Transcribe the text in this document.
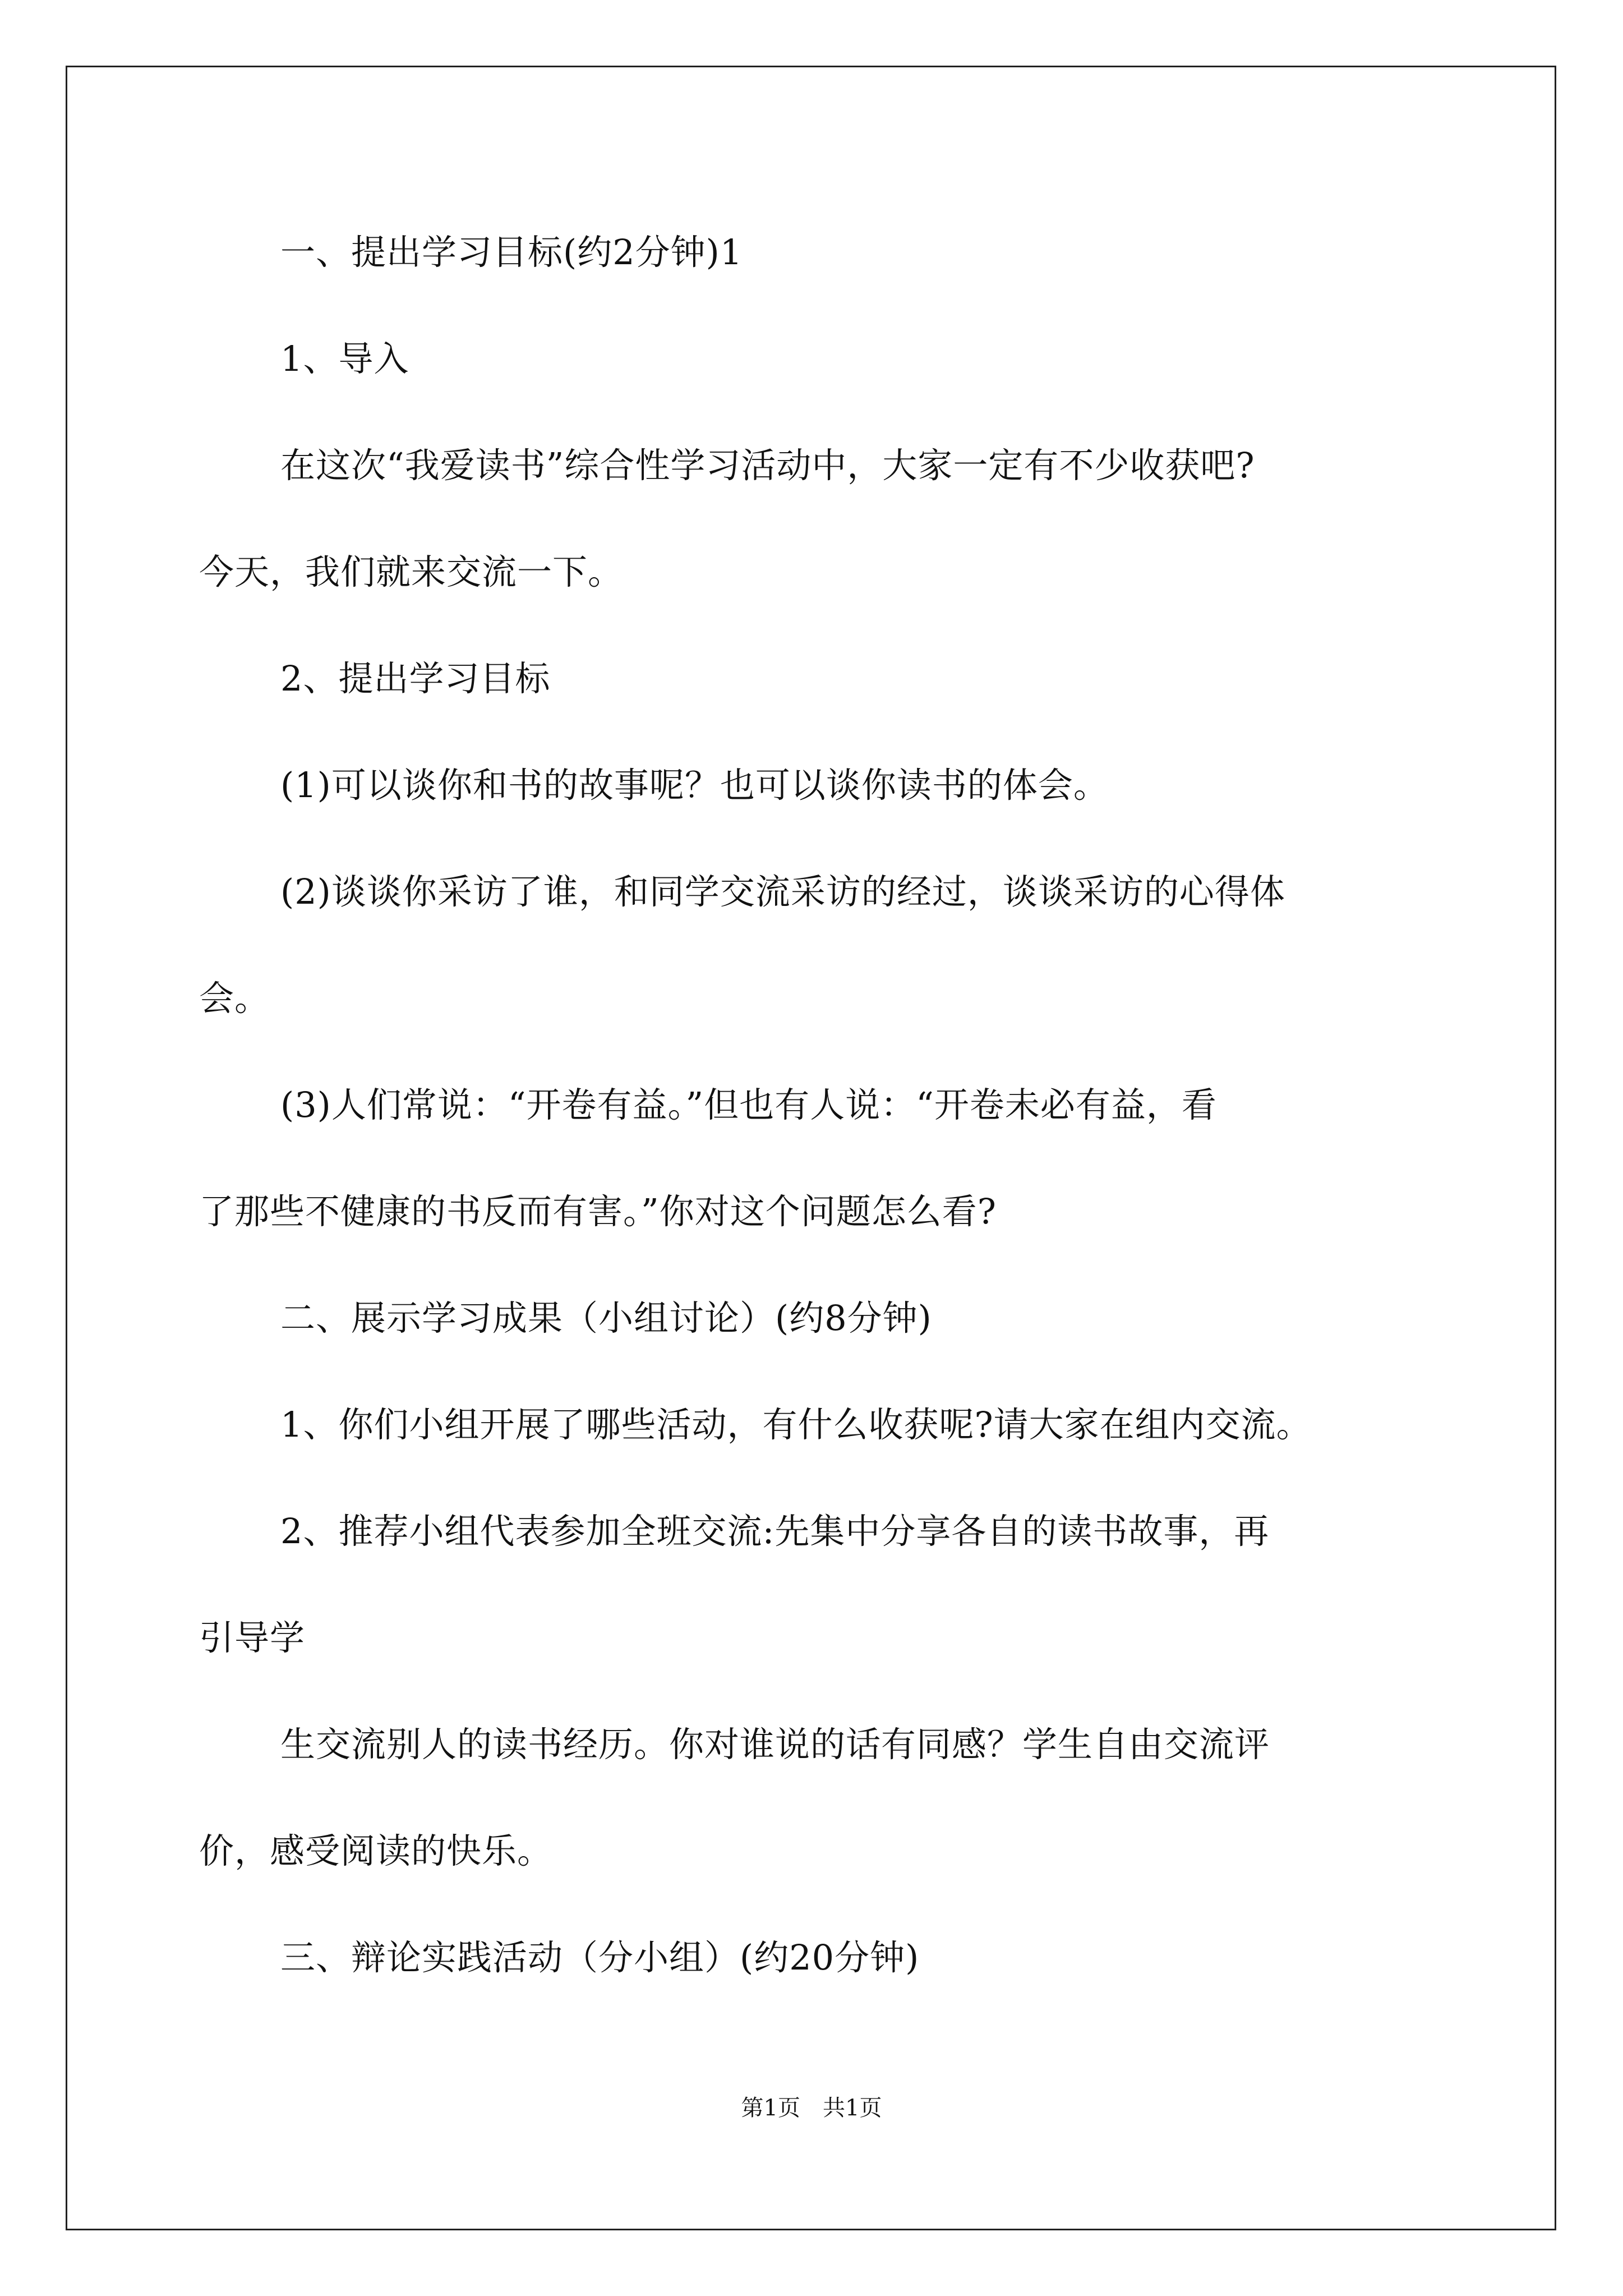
一、提出学习目标(约2分钟)1
1、导入
在这次“我爱读书”综合性学习活动中，大家一定有不少收获吧?
今天，我们就来交流一下。
2、提出学习目标
(1)可以谈你和书的故事呢？也可以谈你读书的体会。
(2)谈谈你采访了谁，和同学交流采访的经过，谈谈采访的心得体
会。
(3)人们常说：“开卷有益。”但也有人说：“开卷未必有益，看
了那些不健康的书反而有害。”你对这个问题怎么看?
二、展示学习成果（小组讨论）(约8分钟)
1、你们小组开展了哪些活动，有什么收获呢?请大家在组内交流。
2、推荐小组代表参加全班交流:先集中分享各自的读书故事，再
引导学
生交流别人的读书经历。你对谁说的话有同感？学生自由交流评
价，感受阅读的快乐。
三、辩论实践活动（分小组）(约20分钟)
第1页　共1页
